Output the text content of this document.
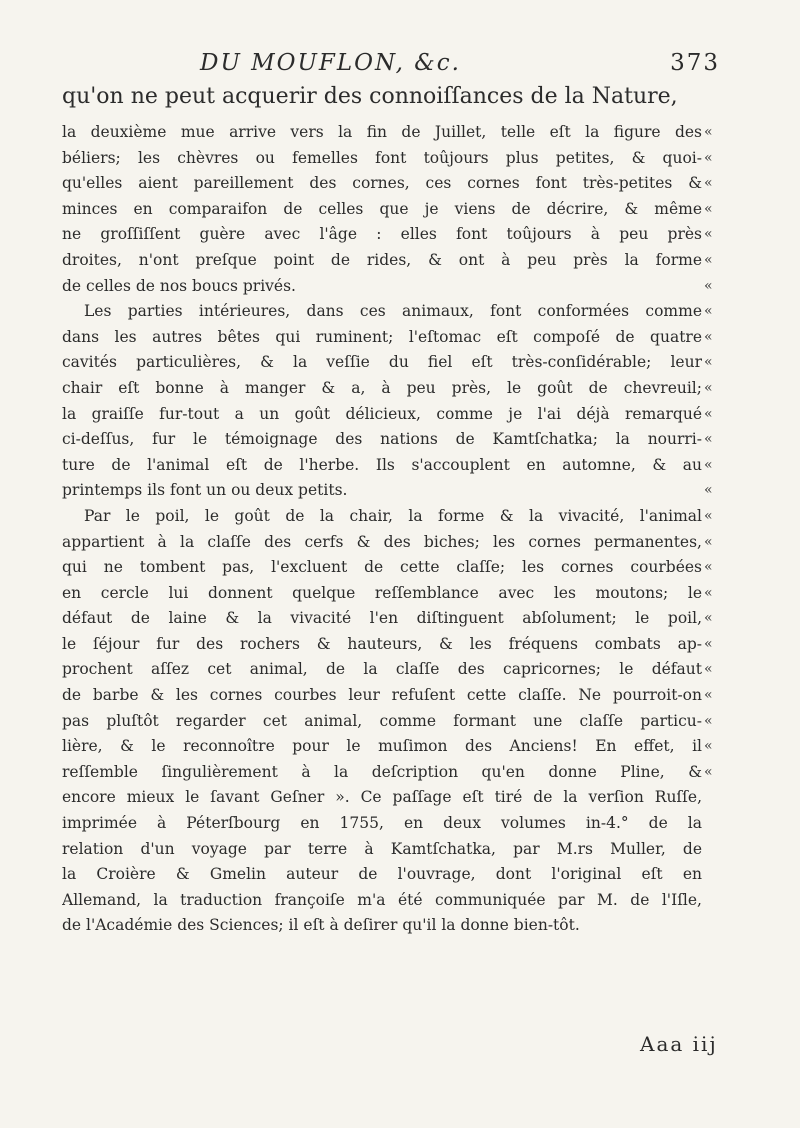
DU MOUFLON, &c.	373
qu'on ne peut acquerir des connoiſſances de la Nature,
la deuxième mue arrive vers la fin de Juillet, telle eſt la figure des
béliers; les chèvres ou femelles font toûjours plus petites, & quoi-
qu'elles aient pareillement des cornes, ces cornes font très-petites &
minces en comparaifon de celles que je viens de décrire, & même
ne groſſiſſent guère avec l'âge : elles font toûjours à peu près
droites, n'ont preſque point de rides, & ont à peu près la forme
de celles de nos boucs privés.
Les parties intérieures, dans ces animaux, font conformées comme
dans les autres bêtes qui ruminent; l'eſtomac eſt compoſé de quatre
cavités particulières, & la veſſie du fiel eſt très-conſidérable; leur
chair eſt bonne à manger & a, à peu près, le goût de chevreuil;
la graiſſe fur-tout a un goût délicieux, comme je l'ai déjà remarqué
ci-deſſus, fur le témoignage des nations de Kamtſchatka; la nourri-
ture de l'animal eſt de l'herbe. Ils s'accouplent en automne, & au
printemps ils font un ou deux petits.
Par le poil, le goût de la chair, la forme & la vivacité, l'animal
appartient à la claſſe des cerfs & des biches; les cornes permanentes,
qui ne tombent pas, l'excluent de cette claſſe; les cornes courbées
en cercle lui donnent quelque reſſemblance avec les moutons; le
défaut de laine & la vivacité l'en diſtinguent abſolument; le poil,
le ſéjour fur des rochers & hauteurs, & les fréquens combats ap-
prochent aſſez cet animal, de la claſſe des capricornes; le défaut
de barbe & les cornes courbes leur refuſent cette claſſe. Ne pourroit-on
pas pluſtôt regarder cet animal, comme formant une claſſe particu-
lière, & le reconnoître pour le muſimon des Anciens! En effet, il
reſſemble ſingulièrement à la deſcription qu'en donne Pline, &
encore mieux le ſavant Geſner ». Ce paſſage eſt tiré de la verſion Ruſſe,
imprimée à Péterſbourg en 1755, en deux volumes in-4.° de la
relation d'un voyage par terre à Kamtſchatka, par M.rs Muller, de
la Croière & Gmelin auteur de l'ouvrage, dont l'original eſt en
Allemand, la traduction françoiſe m'a été communiquée par M. de l'Iſle,
de l'Académie des Sciences; il eſt à deſirer qu'il la donne bien-tôt.
«
«
«
«
«
«
«
«
«
«
«
«
«
«
«
«
«
«
«
«
«
«
«
«
«
«
Aaa iij
